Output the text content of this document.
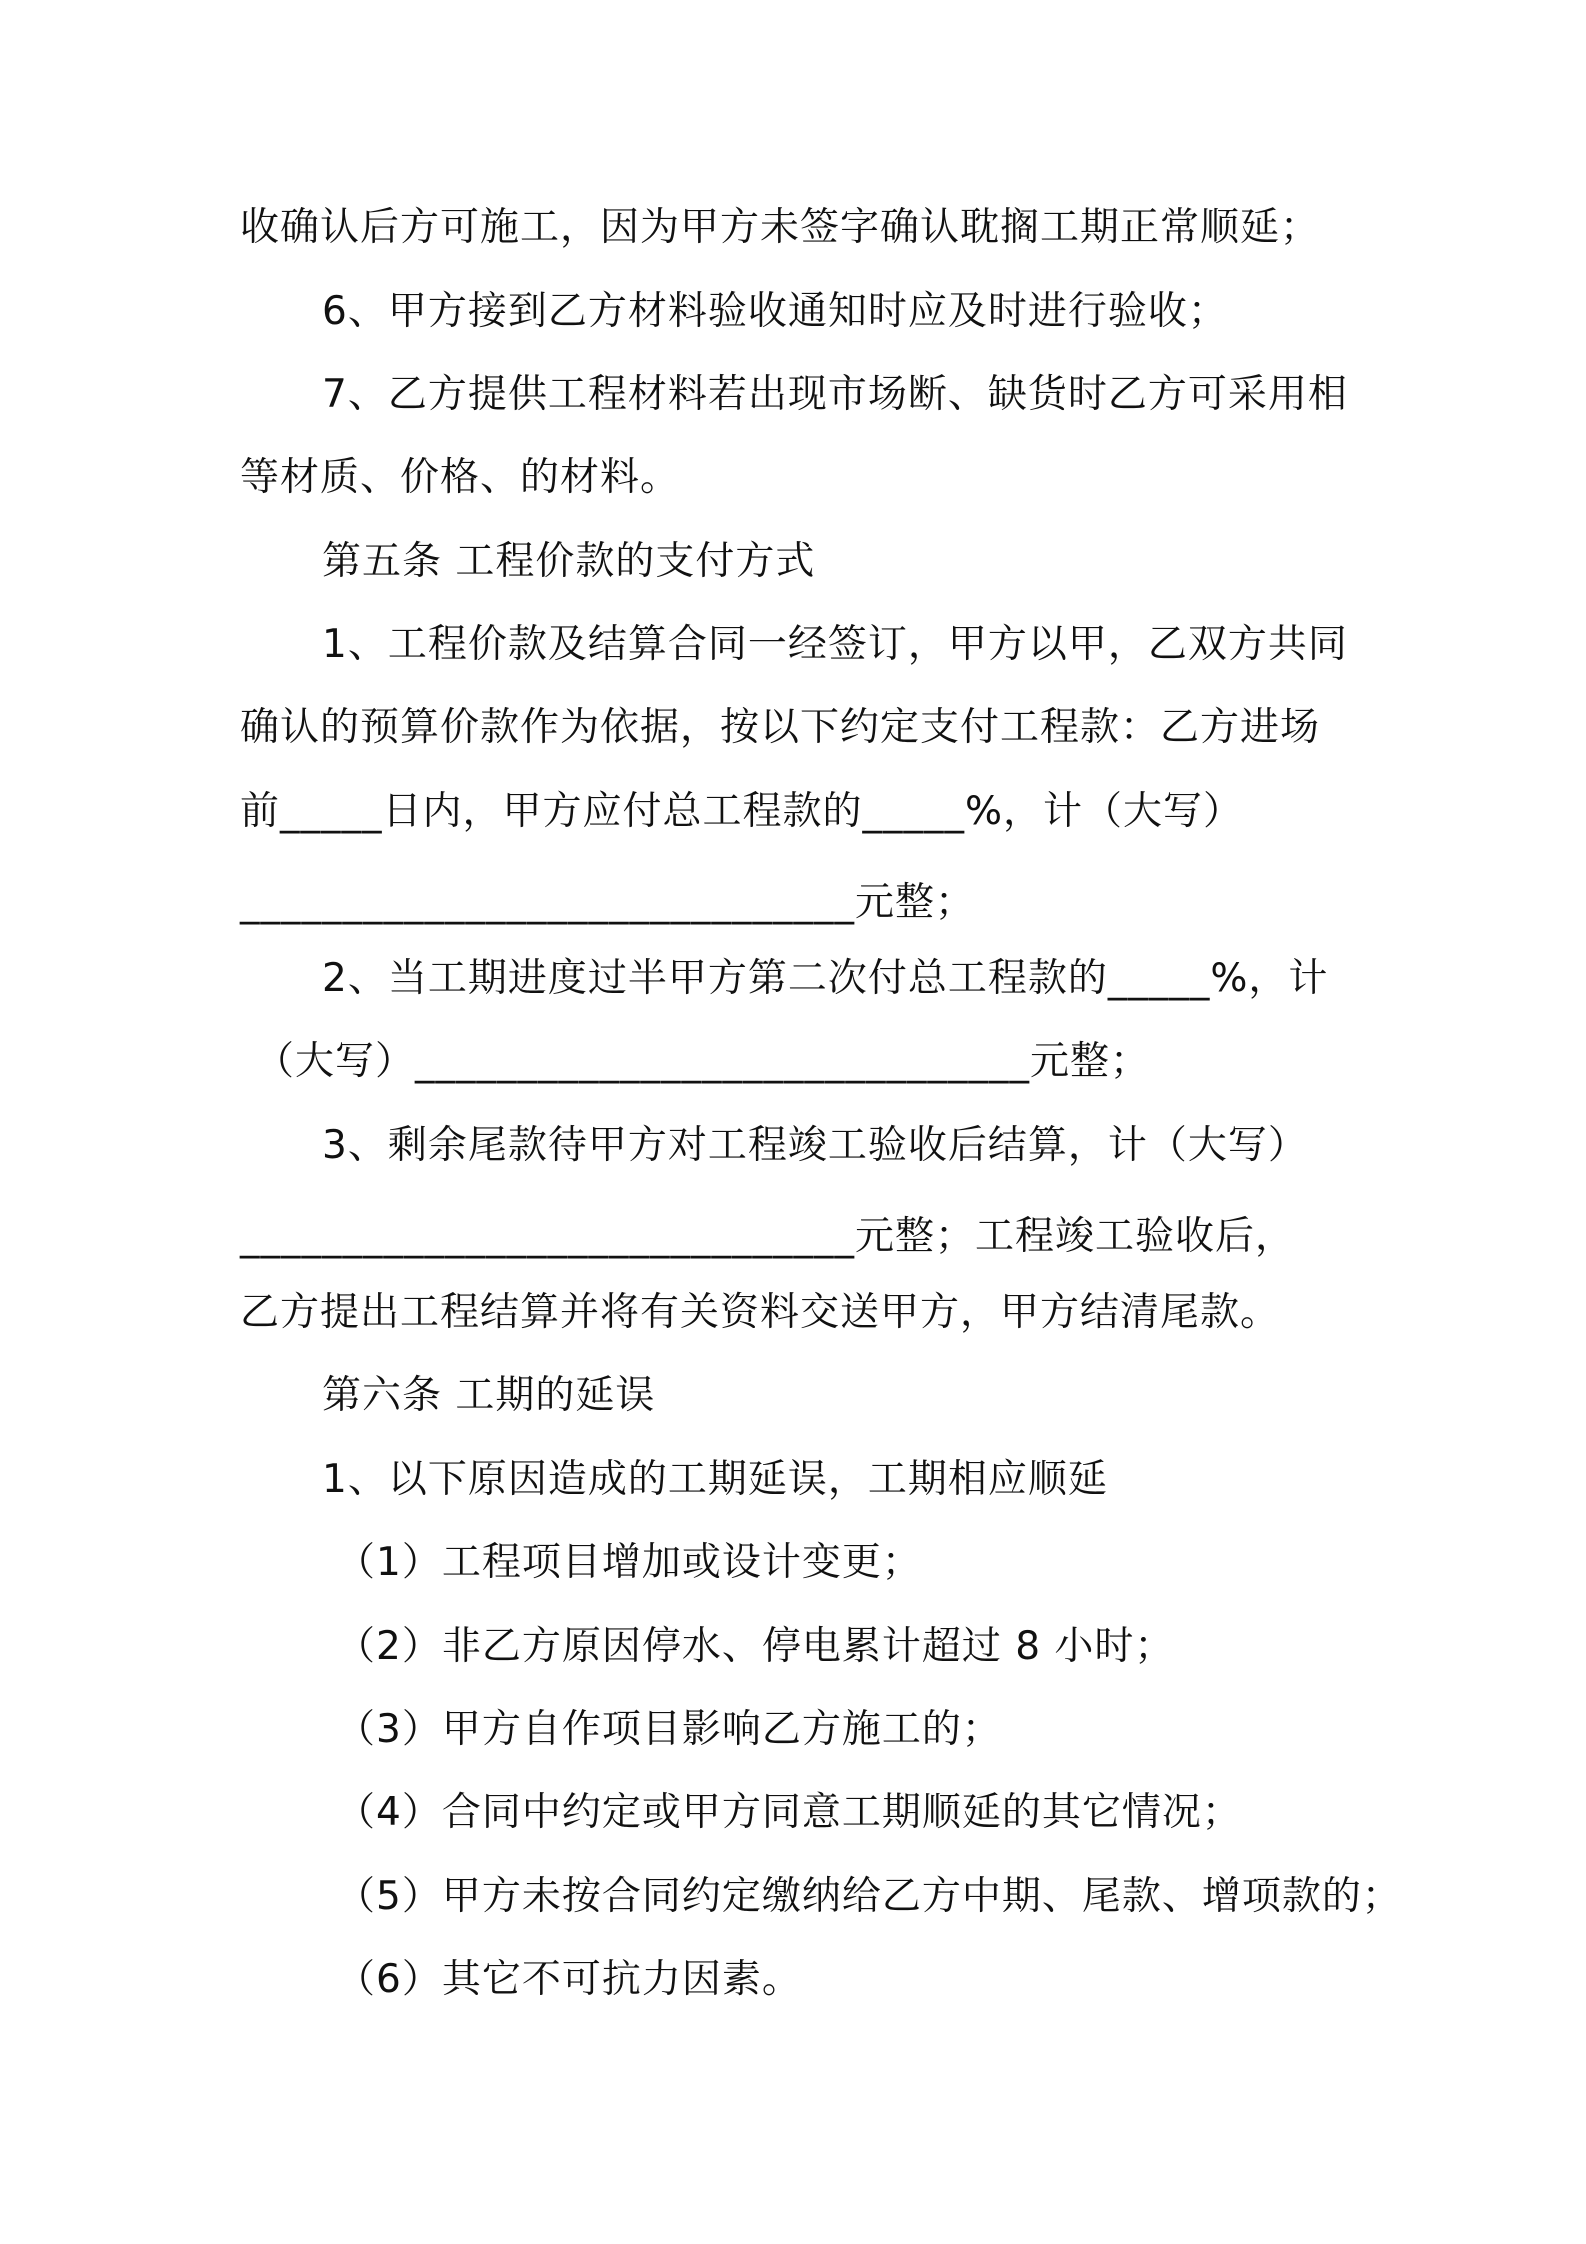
收确认后方可施工，因为甲方未签字确认耽搁工期正常顺延；
6、甲方接到乙方材料验收通知时应及时进行验收；
7、乙方提供工程材料若出现市场断、缺货时乙方可采用相
等材质、价格、的材料。
第五条 工程价款的支付方式
1、工程价款及结算合同一经签订，甲方以甲，乙双方共同
确认的预算价款作为依据，按以下约定支付工程款：乙方进场
前_____日内，甲方应付总工程款的_____%，计（大写）
______________________________元整；
2、当工期进度过半甲方第二次付总工程款的_____%，计
（大写）______________________________元整；
3、剩余尾款待甲方对工程竣工验收后结算，计（大写）
______________________________元整；工程竣工验收后，
乙方提出工程结算并将有关资料交送甲方，甲方结清尾款。
第六条 工期的延误
1、以下原因造成的工期延误，工期相应顺延
（1）工程项目增加或设计变更；
（2）非乙方原因停水、停电累计超过 8 小时；
（3）甲方自作项目影响乙方施工的；
（4）合同中约定或甲方同意工期顺延的其它情况；
（5）甲方未按合同约定缴纳给乙方中期、尾款、增项款的；
（6）其它不可抗力因素。
